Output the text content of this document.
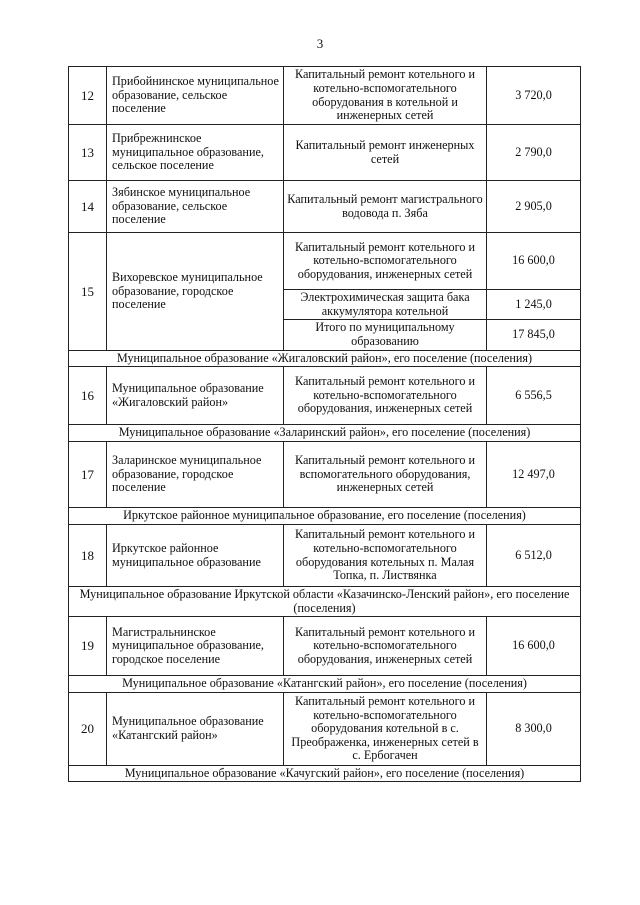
3
12	Прибойнинское муниципальное образование, сельское поселение	Капитальный ремонт котельного и котельно-вспомогательного оборудования в котельной и инженерных сетей	3 720,0
13	Прибрежнинское муниципальное образование, сельское поселение	Капитальный ремонт инженерных сетей	2 790,0
14	Зябинское муниципальное образование, сельское поселение	Капитальный ремонт магистрального водовода п. Зяба	2 905,0
15	Вихоревское муниципальное образование, городское поселение	Капитальный ремонт котельного и котельно-вспомогательного оборудования, инженерных сетей	16 600,0
		Электрохимическая защита бака аккумулятора котельной	1 245,0
		Итого по муниципальному образованию	17 845,0
Муниципальное образование «Жигаловский район», его поселение (поселения)			
16	Муниципальное образование «Жигаловский район»	Капитальный ремонт котельного и котельно-вспомогательного оборудования, инженерных сетей	6 556,5
Муниципальное образование «Заларинский район», его поселение (поселения)			
17	Заларинское муниципальное образование, городское поселение	Капитальный ремонт котельного и вспомогательного оборудования, инженерных сетей	12 497,0
Иркутское районное муниципальное образование, его поселение (поселения)			
18	Иркутское районное муниципальное образование	Капитальный ремонт котельного и котельно-вспомогательного оборудования котельных п. Малая Топка, п. Листвянка	6 512,0
Муниципальное образование Иркутской области «Казачинско-Ленский район», его поселение (поселения)			
19	Магистральнинское муниципальное образование, городское поселение	Капитальный ремонт котельного и котельно-вспомогательного оборудования, инженерных сетей	16 600,0
Муниципальное образование «Катангский район», его поселение (поселения)			
20	Муниципальное образование «Катангский район»	Капитальный ремонт котельного и котельно-вспомогательного оборудования котельной в с. Преображенка, инженерных сетей в с. Ербогачен	8 300,0
Муниципальное образование «Качугский район», его поселение (поселения)			
